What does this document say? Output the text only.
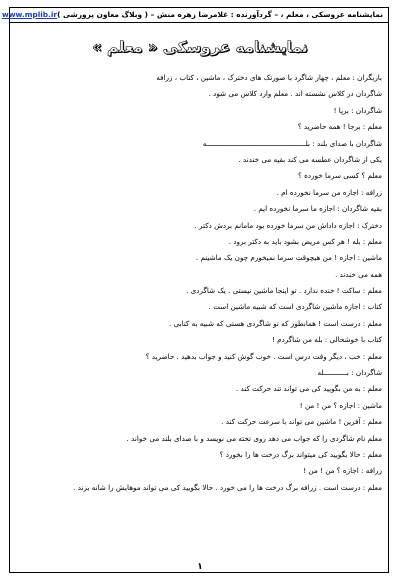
نمایشنامه عروسکی ، معلم ، – گردآورنده : غلامرضا زهره منش – ( وبلاگ معاون پرورشی )
www.mplib.ir
نمایشنامه عروسکی « معلم »
بازیگران : معلم ، چهار شاگرد با صورتک های دخترک ، ماشین ، کتاب ، زرافه
شاگردان در کلاس نشسته اند . معلم وارد کلاس می شود .
شاگردان : برپا !
معلم : برجا ! همه حاضرید ؟
شاگردان با صدای بلند : بلـــــــــــــــــــــــــــــــــــــــــــــــه
یکی از شاگردان عطسه می کند بقیه می خندند .
معلم ؟ کسی سرما خورده ؟
زرافه : اجازه من سرما نخورده ام .
بقیه شاگردان : اجازه ما سرما نخورده ایم .
دخترک : اجازه داداش من سرما خورده بود مامانم بردش دکتر .
معلم : بله ! هر کس مریض بشود باید به دکتر برود .
ماشین : اجازه ! من هیچوقت سرما نمیخورم چون یک ماشینم .
همه می خندند .
معلم : ساکت ! خنده ندارد . تو اینجا ماشین نیستی . یک شاگردی .
کتاب : اجازه ماشین شاگردی است که شبیه ماشین است .
معلم : درست است ! همانطور که تو شاگردی هستی که شبیه به کتابی .
کتاب با خوشحالی : بله من شاگردم !
معلم : خب ، دیگر وقت درس است . خوب گوش کنید و جواب بدهید . حاضرید ؟
شاگردان : بـــــــــــله
معلم : به من بگویید کی می تواند تند حرکت کند .
ماشین : اجازه ؟ من ! من !
معلم : آفرین ! ماشین می تواند با سرعت حرکت کند .
معلم نام شاگردی را که جواب می دهد روی تخته می نویسد و با صدای بلند می خواند .
معلم : حالا بگویید کی میتواند برگ درخت ها را بخورد ؟
زرافه : اجازه ؟ من ! من !
معلم : درست است . زرافه برگ درخت ها را می خورد . حالا بگویید کی می تواند موهایش را شانه بزند .
۱
